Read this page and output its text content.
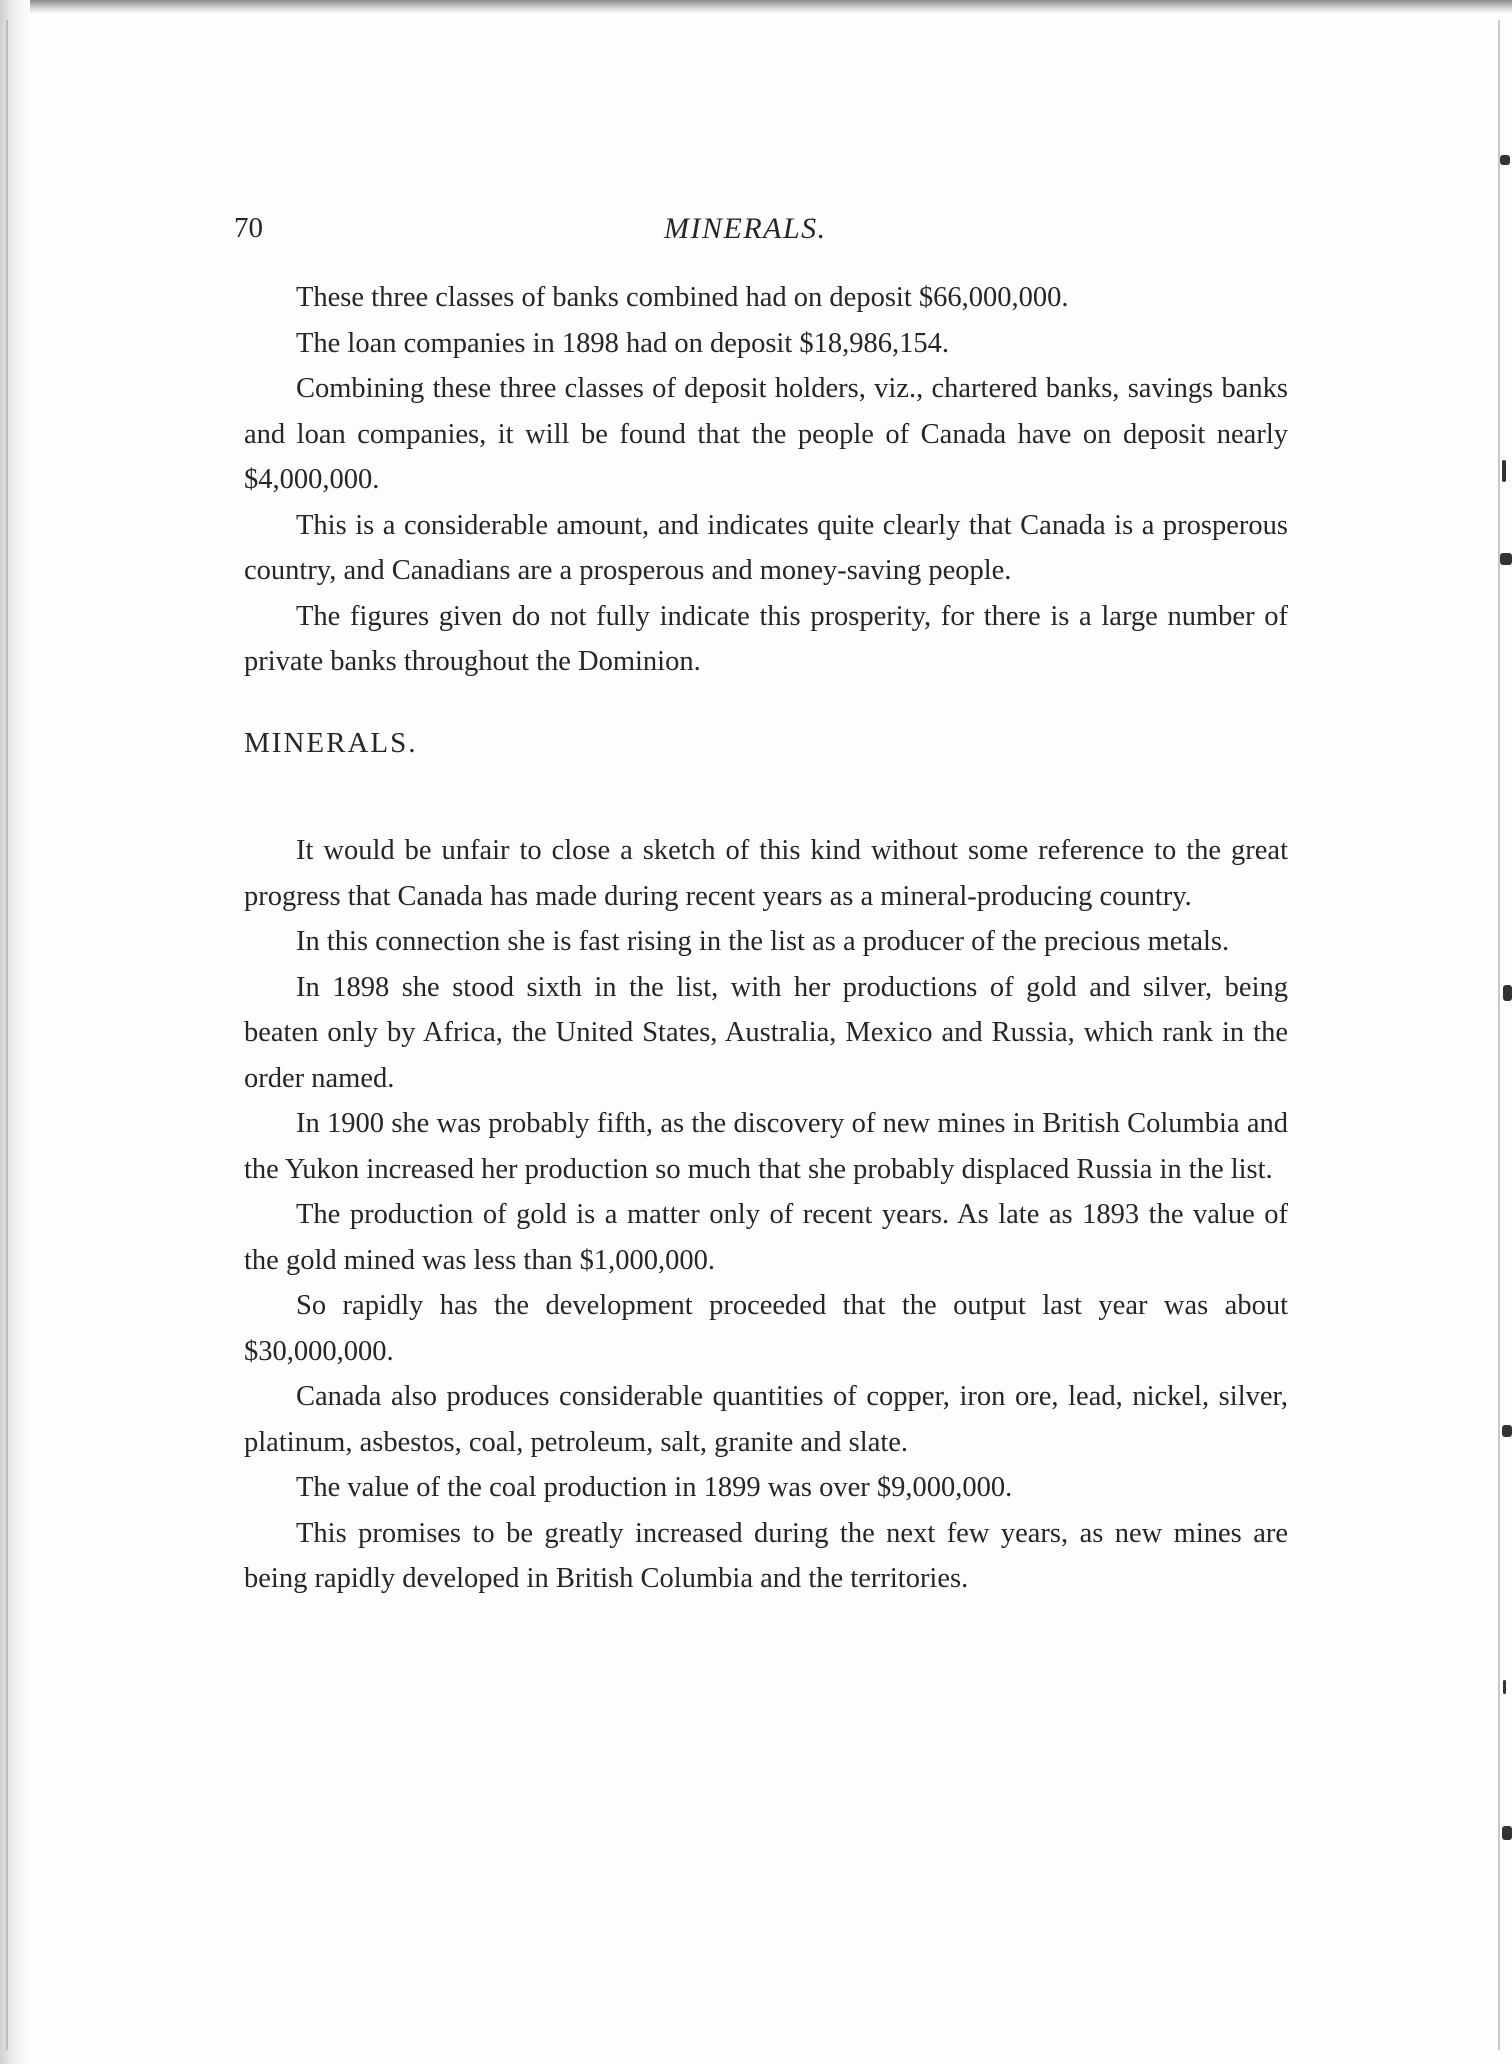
70	MINERALS.

These three classes of banks combined had on deposit $66,000,000.

The loan companies in 1898 had on deposit $18,986,154.

Combining these three classes of deposit holders, viz., chartered banks, savings banks and loan companies, it will be found that the people of Canada have on deposit nearly $4,000,000.

This is a considerable amount, and indicates quite clearly that Canada is a prosperous country, and Canadians are a prosperous and money-saving people.

The figures given do not fully indicate this prosperity, for there is a large number of private banks throughout the Dominion.

MINERALS.

It would be unfair to close a sketch of this kind without some reference to the great progress that Canada has made during recent years as a mineral-producing country.

In this connection she is fast rising in the list as a producer of the precious metals.

In 1898 she stood sixth in the list, with her productions of gold and silver, being beaten only by Africa, the United States, Australia, Mexico and Russia, which rank in the order named.

In 1900 she was probably fifth, as the discovery of new mines in British Columbia and the Yukon increased her production so much that she probably displaced Russia in the list.

The production of gold is a matter only of recent years. As late as 1893 the value of the gold mined was less than $1,000,000.

So rapidly has the development proceeded that the output last year was about $30,000,000.

Canada also produces considerable quantities of copper, iron ore, lead, nickel, silver, platinum, asbestos, coal, petroleum, salt, granite and slate.

The value of the coal production in 1899 was over $9,000,000.

This promises to be greatly increased during the next few years, as new mines are being rapidly developed in British Columbia and the territories.
